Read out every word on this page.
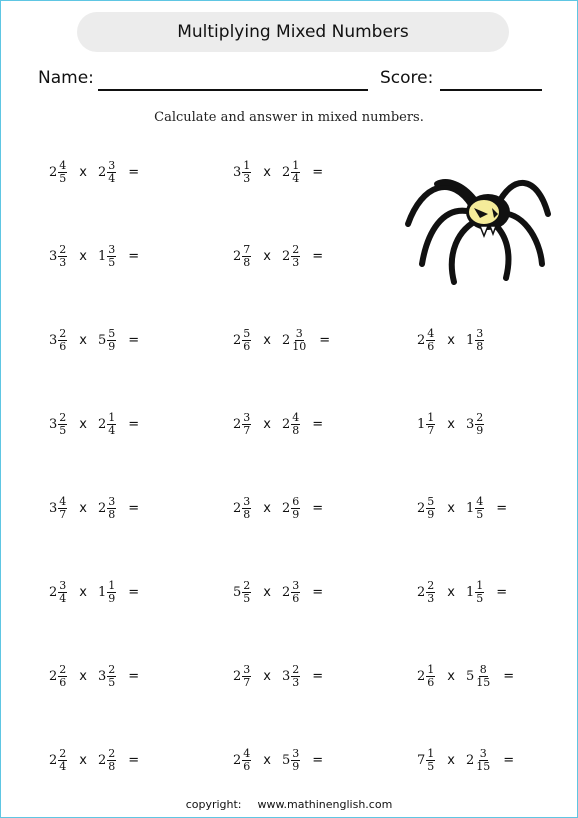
Multiplying Mixed Numbers
Name:	Score:
Calculate and answer in mixed numbers.
$2 \frac{4}{5}$ x $2 \frac{3}{4}$ =	$3 \frac{1}{3}$ x $2 \frac{1}{4}$ =
$3 \frac{2}{3}$ x $1 \frac{3}{5}$ =	$2 \frac{7}{8}$ x $2 \frac{2}{3}$ =
$3 \frac{2}{6}$ x $5 \frac{5}{9}$ =	$2 \frac{5}{6}$ x $2 \frac{3}{10}$ =	$2 \frac{4}{6}$ x $1 \frac{3}{8}$
$3 \frac{2}{5}$ x $2 \frac{1}{4}$ =	$2 \frac{3}{7}$ x $2 \frac{4}{8}$ =	$1 \frac{1}{7}$ x $3 \frac{2}{9}$
$3 \frac{4}{7}$ x $2 \frac{3}{8}$ =	$2 \frac{3}{8}$ x $2 \frac{6}{9}$ =	$2 \frac{5}{9}$ x $1 \frac{4}{5}$ =
$2 \frac{3}{4}$ x $1 \frac{1}{9}$ =	$5 \frac{2}{5}$ x $2 \frac{3}{6}$ =	$2 \frac{2}{3}$ x $1 \frac{1}{5}$ =
$2 \frac{2}{6}$ x $3 \frac{2}{5}$ =	$2 \frac{3}{7}$ x $3 \frac{2}{3}$ =	$2 \frac{1}{6}$ x $5 \frac{8}{15}$ =
$2 \frac{2}{4}$ x $2 \frac{2}{8}$ =	$2 \frac{4}{6}$ x $5 \frac{3}{9}$ =	$7 \frac{1}{5}$ x $2 \frac{3}{15}$ =
copyright: www.mathinenglish.com
